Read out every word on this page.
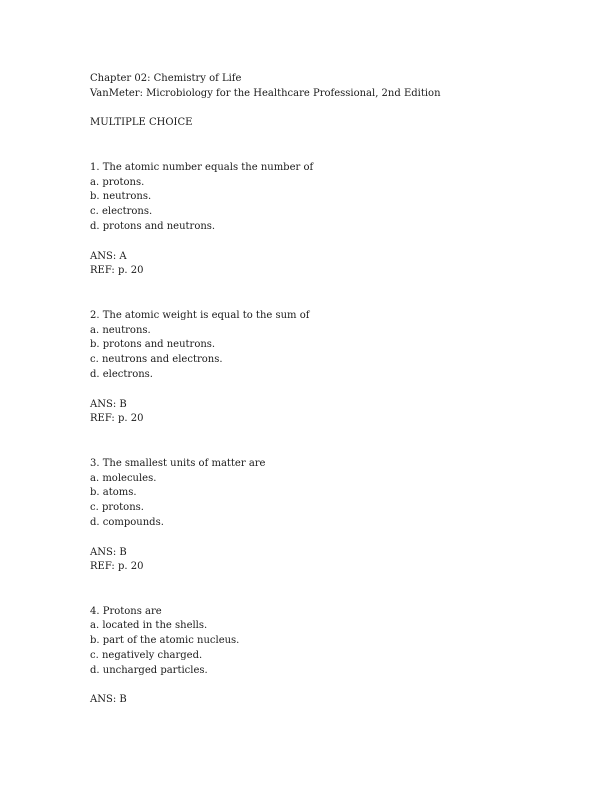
Chapter 02: Chemistry of Life
VanMeter: Microbiology for the Healthcare Professional, 2nd Edition
MULTIPLE CHOICE
1. The atomic number equals the number of
a. protons.
b. neutrons.
c. electrons.
d. protons and neutrons.
ANS: A
REF: p. 20
2. The atomic weight is equal to the sum of
a. neutrons.
b. protons and neutrons.
c. neutrons and electrons.
d. electrons.
ANS: B
REF: p. 20
3. The smallest units of matter are
a. molecules.
b. atoms.
c. protons.
d. compounds.
ANS: B
REF: p. 20
4. Protons are
a. located in the shells.
b. part of the atomic nucleus.
c. negatively charged.
d. uncharged particles.
ANS: B
